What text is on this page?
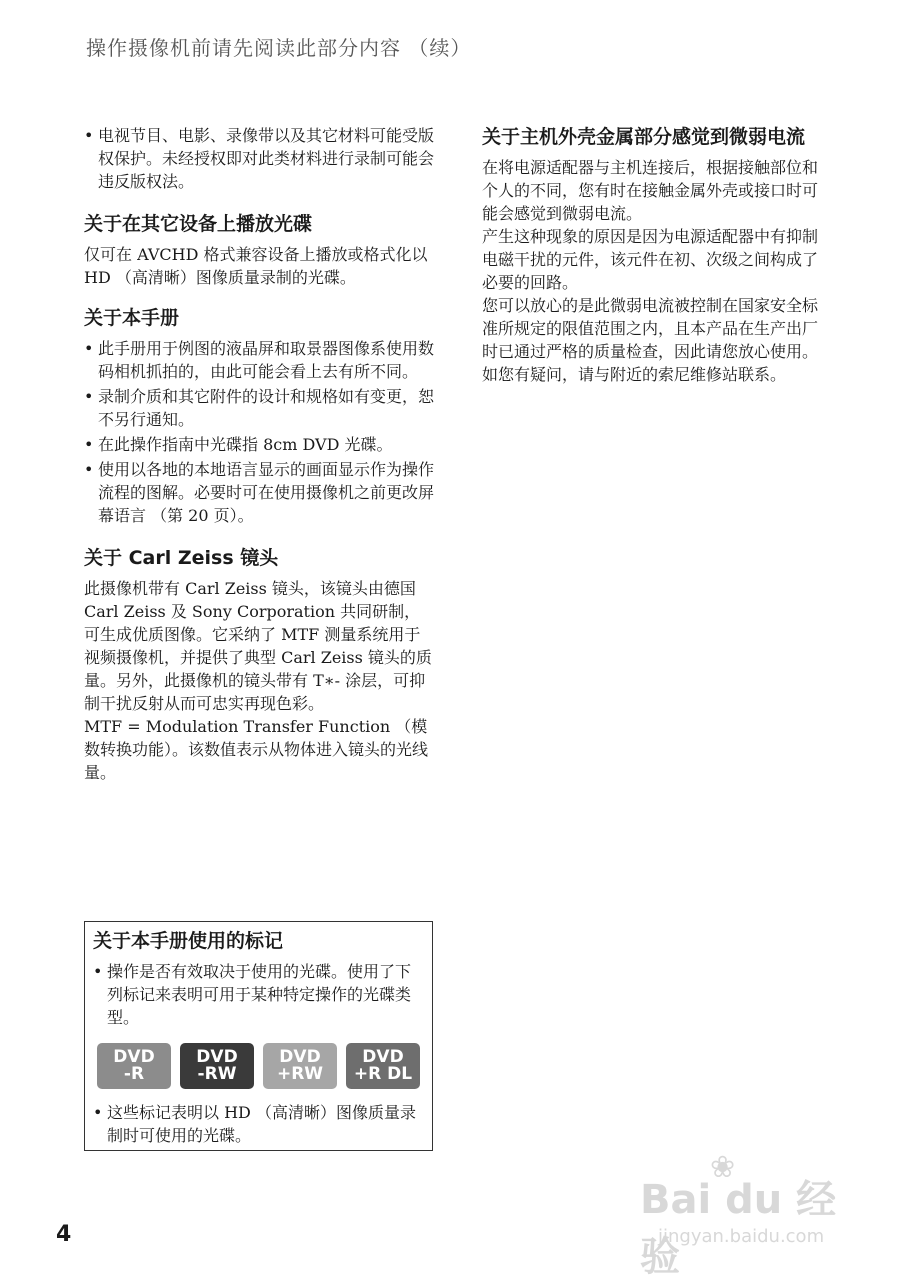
操作摄像机前请先阅读此部分内容 （续）
• 电视节目、电影、录像带以及其它材料可能受版权保护。未经授权即对此类材料进行录制可能会违反版权法。
关于在其它设备上播放光碟

仅可在 AVCHD 格式兼容设备上播放或格式化以 HD （高清晰）图像质量录制的光碟。

关于本手册
• 此手册用于例图的液晶屏和取景器图像系使用数码相机抓拍的，由此可能会看上去有所不同。
• 录制介质和其它附件的设计和规格如有变更，恕不另行通知。
• 在此操作指南中光碟指 8cm DVD 光碟。
• 使用以各地的本地语言显示的画面显示作为操作流程的图解。必要时可在使用摄像机之前更改屏幕语言 （第 20 页）。
关于 Carl Zeiss 镜头

此摄像机带有 Carl Zeiss 镜头，该镜头由德国 Carl Zeiss 及 Sony Corporation 共同研制，可生成优质图像。它采纳了 MTF 测量系统用于视频摄像机，并提供了典型 Carl Zeiss 镜头的质量。另外，此摄像机的镜头带有 T∗- 涂层，可抑制干扰反射从而可忠实再现色彩。

MTF = Modulation Transfer Function （模数转换功能）。该数值表示从物体进入镜头的光线量。

关于本手册使用的标记
• 操作是否有效取决于使用的光碟。使用了下列标记来表明可用于某种特定操作的光碟类型。
DVD
-R
DVD
-RW
DVD
+RW
DVD
+R DL
• 这些标记表明以 HD （高清晰）图像质量录制时可使用的光碟。
关于主机外壳金属部分感觉到微弱电流

在将电源适配器与主机连接后，根据接触部位和个人的不同，您有时在接触金属外壳或接口时可能会感觉到微弱电流。

产生这种现象的原因是因为电源适配器中有抑制电磁干扰的元件，该元件在初、次级之间构成了必要的回路。

您可以放心的是此微弱电流被控制在国家安全标准所规定的限值范围之内，且本产品在生产出厂时已通过严格的质量检查，因此请您放心使用。

如您有疑问，请与附近的索尼维修站联系。

4
❀
Bai du 经验
jingyan.baidu.com
